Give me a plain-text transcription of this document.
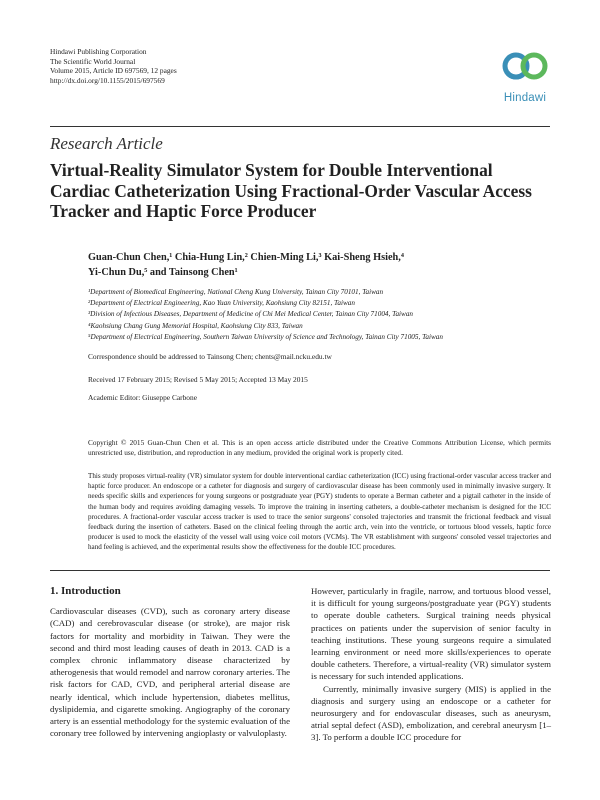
Hindawi Publishing Corporation
The Scientific World Journal
Volume 2015, Article ID 697569, 12 pages
http://dx.doi.org/10.1155/2015/697569
Hindawi
Research Article
Virtual-Reality Simulator System for Double Interventional
Cardiac Catheterization Using Fractional-Order Vascular Access
Tracker and Haptic Force Producer
Guan-Chun Chen,¹ Chia-Hung Lin,² Chien-Ming Li,³ Kai-Sheng Hsieh,⁴
Yi-Chun Du,⁵ and Tainsong Chen¹
¹Department of Biomedical Engineering, National Cheng Kung University, Tainan City 70101, Taiwan
²Department of Electrical Engineering, Kao Yuan University, Kaohsiung City 82151, Taiwan
³Division of Infectious Diseases, Department of Medicine of Chi Mei Medical Center, Tainan City 71004, Taiwan
⁴Kaohsiung Chang Gung Memorial Hospital, Kaohsiung City 833, Taiwan
⁵Department of Electrical Engineering, Southern Taiwan University of Science and Technology, Tainan City 71005, Taiwan
Correspondence should be addressed to Tainsong Chen; chents@mail.ncku.edu.tw
Received 17 February 2015; Revised 5 May 2015; Accepted 13 May 2015
Academic Editor: Giuseppe Carbone
Copyright © 2015 Guan-Chun Chen et al. This is an open access article distributed under the Creative Commons Attribution License, which permits unrestricted use, distribution, and reproduction in any medium, provided the original work is properly cited.
This study proposes virtual-reality (VR) simulator system for double interventional cardiac catheterization (ICC) using fractional-order vascular access tracker and haptic force producer. An endoscope or a catheter for diagnosis and surgery of cardiovascular disease has been commonly used in minimally invasive surgery. It needs specific skills and experiences for young surgeons or postgraduate year (PGY) students to operate a Berman catheter and a pigtail catheter in the inside of the human body and requires avoiding damaging vessels. To improve the training in inserting catheters, a double-catheter mechanism is designed for the ICC procedures. A fractional-order vascular access tracker is used to trace the senior surgeons' consoled trajectories and transmit the frictional feedback and visual feedback during the insertion of catheters. Based on the clinical feeling through the aortic arch, vein into the ventricle, or tortuous blood vessels, haptic force producer is used to mock the elasticity of the vessel wall using voice coil motors (VCMs). The VR establishment with surgeons' consoled vessel trajectories and hand feeling is achieved, and the experimental results show the effectiveness for the double ICC procedures.
1. Introduction

Cardiovascular diseases (CVD), such as coronary artery disease (CAD) and cerebrovascular disease (or stroke), are major risk factors for mortality and morbidity in Taiwan. They were the second and third most leading causes of death in 2013. CAD is a complex chronic inflammatory disease characterized by atherogenesis that would remodel and narrow coronary arteries. The risk factors for CAD, CVD, and peripheral arterial disease are nearly identical, which include hypertension, diabetes mellitus, dyslipidemia, and cigarette smoking. Angiography of the coronary artery is an essential methodology for the systemic evaluation of the coronary tree followed by intervening angioplasty or valvuloplasty.

However, particularly in fragile, narrow, and tortuous blood vessel, it is difficult for young surgeons/postgraduate year (PGY) students to operate double catheters. Surgical training needs physical practices on patients under the supervision of senior faculty in teaching institutions. These young surgeons require a simulated learning environment or need more skills/experiences to operate double catheters. Therefore, a virtual-reality (VR) simulator system is necessary for such intended applications.

Currently, minimally invasive surgery (MIS) is applied in the diagnosis and surgery using an endoscope or a catheter for neurosurgery and for endovascular diseases, such as aneurysm, atrial septal defect (ASD), embolization, and cerebral aneurysm [1–3]. To perform a double ICC procedure for
